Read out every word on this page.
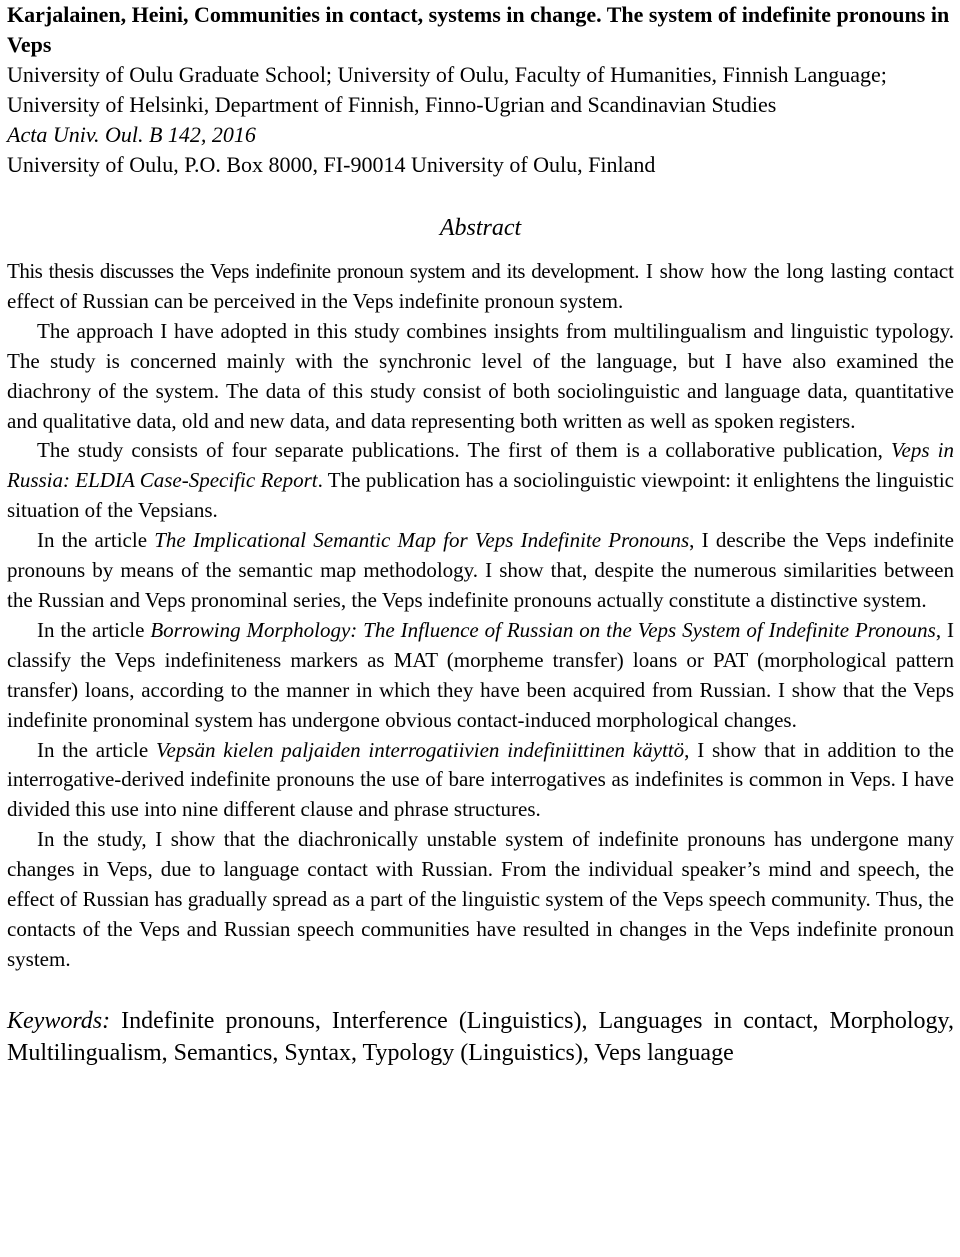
Karjalainen, Heini, Communities in contact, systems in change. The system of indefinite pronouns in Veps

University of Oulu Graduate School; University of Oulu, Faculty of Humanities, Finnish Language; University of Helsinki, Department of Finnish, Finno-Ugrian and Scandinavian Studies

Acta Univ. Oul. B 142, 2016

University of Oulu, P.O. Box 8000, FI-90014 University of Oulu, Finland

Abstract

This thesis discusses the Veps indefinite pronoun system and its development. I show how the long lasting contact effect of Russian can be perceived in the Veps indefinite pronoun system.

The approach I have adopted in this study combines insights from multilingualism and linguistic typology. The study is concerned mainly with the synchronic level of the language, but I have also examined the diachrony of the system. The data of this study consist of both sociolinguistic and language data, quantitative and qualitative data, old and new data, and data representing both written as well as spoken registers.

The study consists of four separate publications. The first of them is a collaborative publication, Veps in Russia: ELDIA Case-Specific Report. The publication has a sociolinguistic viewpoint: it enlightens the linguistic situation of the Vepsians.

In the article The Implicational Semantic Map for Veps Indefinite Pronouns, I describe the Veps indefinite pronouns by means of the semantic map methodology. I show that, despite the numerous similarities between the Russian and Veps pronominal series, the Veps indefinite pronouns actually constitute a distinctive system.

In the article Borrowing Morphology: The Influence of Russian on the Veps System of Indefinite Pronouns, I classify the Veps indefiniteness markers as MAT (morpheme transfer) loans or PAT (morphological pattern transfer) loans, according to the manner in which they have been acquired from Russian. I show that the Veps indefinite pronominal system has undergone obvious contact-induced morphological changes.

In the article Vepsän kielen paljaiden interrogatiivien indefiniittinen käyttö, I show that in addition to the interrogative-derived indefinite pronouns the use of bare interrogatives as indefinites is common in Veps. I have divided this use into nine different clause and phrase structures.

In the study, I show that the diachronically unstable system of indefinite pronouns has undergone many changes in Veps, due to language contact with Russian. From the individual speaker’s mind and speech, the effect of Russian has gradually spread as a part of the linguistic system of the Veps speech community. Thus, the contacts of the Veps and Russian speech communities have resulted in changes in the Veps indefinite pronoun system.

Keywords: Indefinite pronouns, Interference (Linguistics), Languages in contact, Morphology, Multilingualism, Semantics, Syntax, Typology (Linguistics), Veps language
